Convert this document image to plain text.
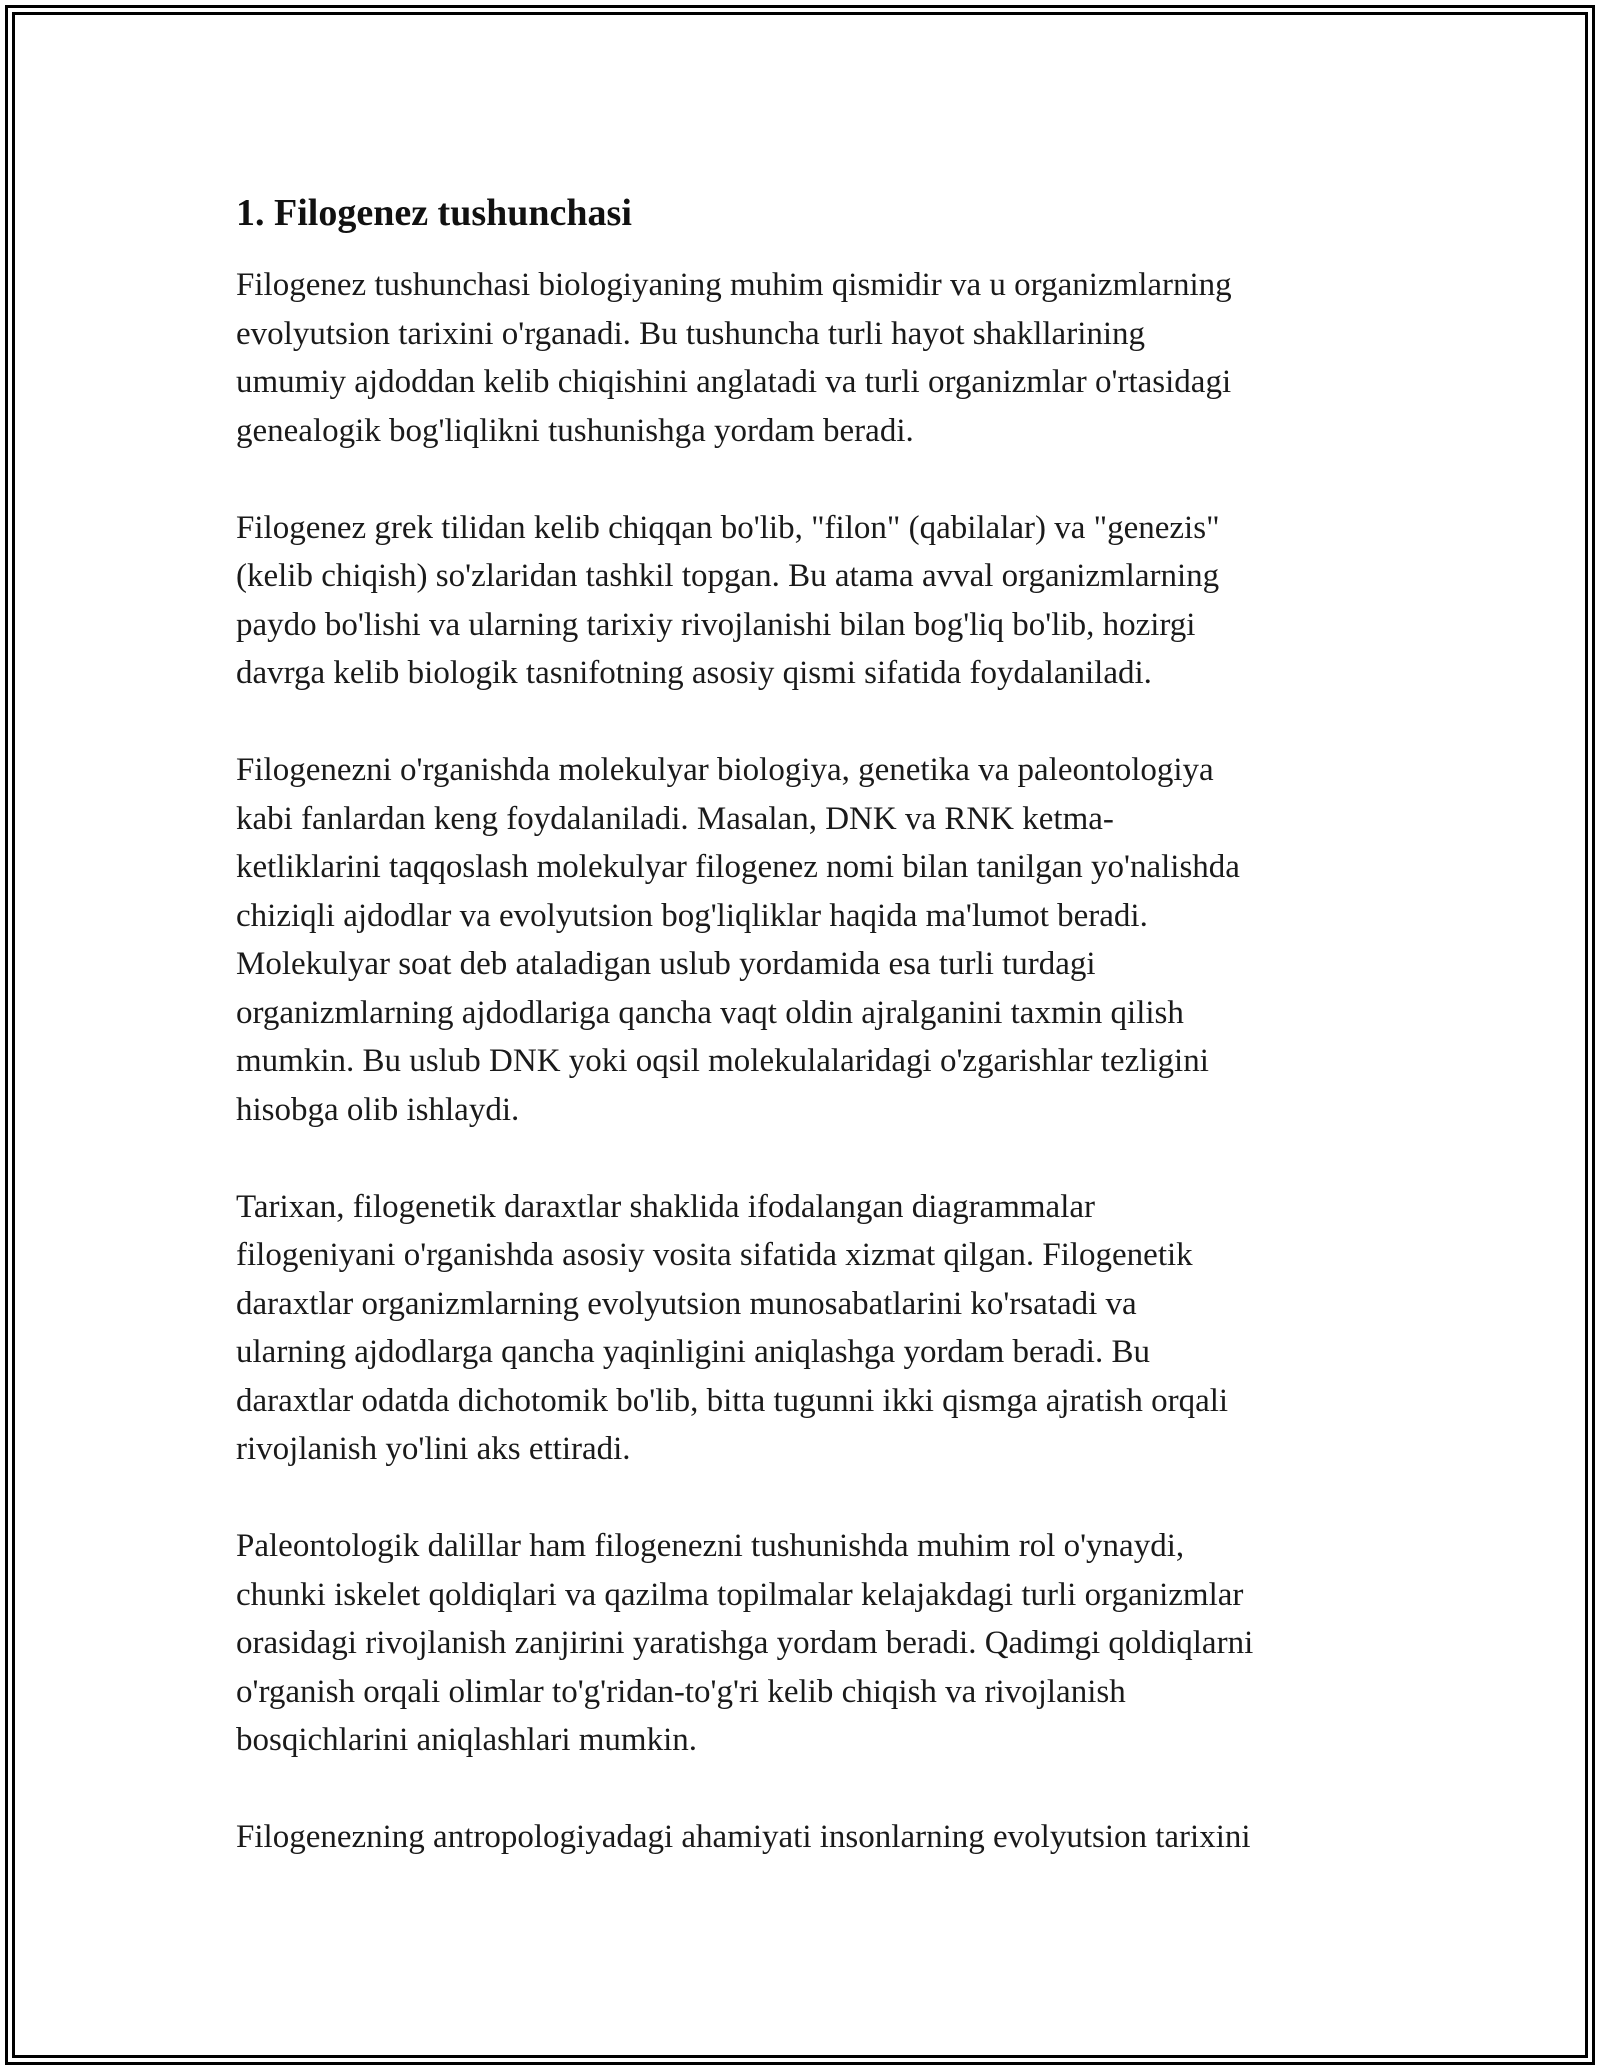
1. Filogenez tushunchasi

Filogenez tushunchasi biologiyaning muhim qismidir va u organizmlarning
evolyutsion tarixini o'rganadi. Bu tushuncha turli hayot shakllarining
umumiy ajdoddan kelib chiqishini anglatadi va turli organizmlar o'rtasidagi
genealogik bog'liqlikni tushunishga yordam beradi.

Filogenez grek tilidan kelib chiqqan bo'lib, "filon" (qabilalar) va "genezis"
(kelib chiqish) so'zlaridan tashkil topgan. Bu atama avval organizmlarning
paydo bo'lishi va ularning tarixiy rivojlanishi bilan bog'liq bo'lib, hozirgi
davrga kelib biologik tasnifotning asosiy qismi sifatida foydalaniladi.

Filogenezni o'rganishda molekulyar biologiya, genetika va paleontologiya
kabi fanlardan keng foydalaniladi. Masalan, DNK va RNK ketma-
ketliklarini taqqoslash molekulyar filogenez nomi bilan tanilgan yo'nalishda
chiziqli ajdodlar va evolyutsion bog'liqliklar haqida ma'lumot beradi.
Molekulyar soat deb ataladigan uslub yordamida esa turli turdagi
organizmlarning ajdodlariga qancha vaqt oldin ajralganini taxmin qilish
mumkin. Bu uslub DNK yoki oqsil molekulalaridagi o'zgarishlar tezligini
hisobga olib ishlaydi.

Tarixan, filogenetik daraxtlar shaklida ifodalangan diagrammalar
filogeniyani o'rganishda asosiy vosita sifatida xizmat qilgan. Filogenetik
daraxtlar organizmlarning evolyutsion munosabatlarini ko'rsatadi va
ularning ajdodlarga qancha yaqinligini aniqlashga yordam beradi. Bu
daraxtlar odatda dichotomik bo'lib, bitta tugunni ikki qismga ajratish orqali
rivojlanish yo'lini aks ettiradi.

Paleontologik dalillar ham filogenezni tushunishda muhim rol o'ynaydi,
chunki iskelet qoldiqlari va qazilma topilmalar kelajakdagi turli organizmlar
orasidagi rivojlanish zanjirini yaratishga yordam beradi. Qadimgi qoldiqlarni
o'rganish orqali olimlar to'g'ridan-to'g'ri kelib chiqish va rivojlanish
bosqichlarini aniqlashlari mumkin.

Filogenezning antropologiyadagi ahamiyati insonlarning evolyutsion tarixini
